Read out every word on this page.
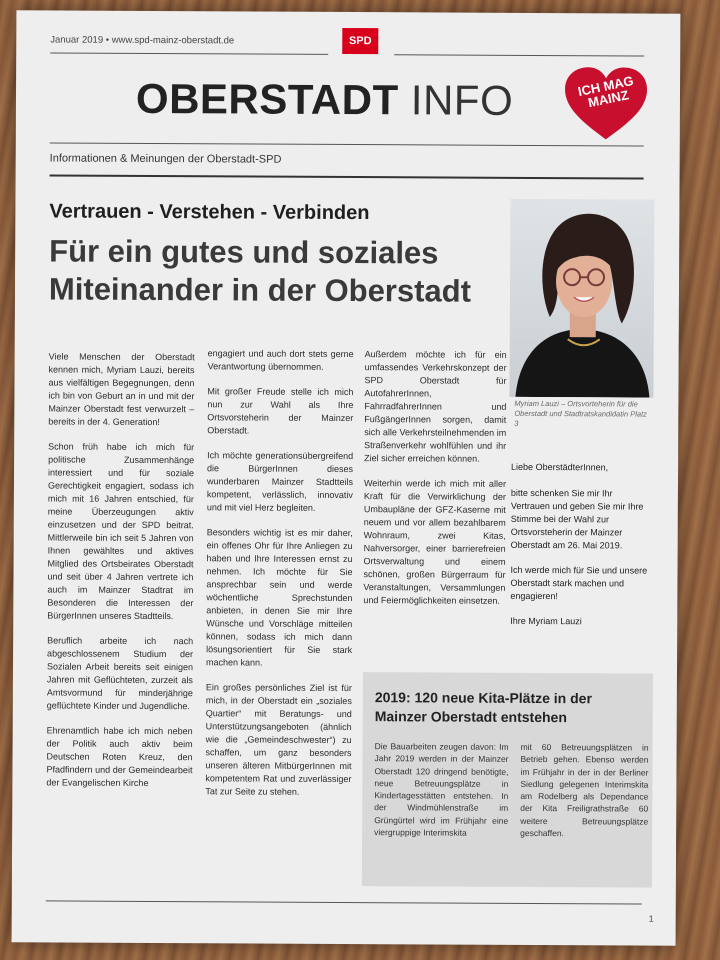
Januar 2019 • www.spd-mainz-oberstadt.de	SPD
OBERSTADT INFO	ICH MAG MAINZ
Informationen & Meinungen der Oberstadt-SPD
Vertrauen - Verstehen - Verbinden
Für ein gutes und soziales Miteinander in der Oberstadt
Myriam Lauzi – Ortsvorteherin für die Oberstadt und Stadtratskandidatin Platz 3

Viele Menschen der Oberstadt kennen mich, Myriam Lauzi, bereits aus vielfältigen Begegnungen, denn ich bin von Geburt an in und mit der Mainzer Oberstadt fest verwurzelt – bereits in der 4. Generation!

Schon früh habe ich mich für politische Zusammenhänge interessiert und für soziale Gerechtigkeit engagiert, sodass ich mich mit 16 Jahren entschied, für meine Überzeugungen aktiv einzusetzen und der SPD beitrat. Mittlerweile bin ich seit 5 Jahren von Ihnen gewähltes und aktives Mitglied des Ortsbeirates Oberstadt und seit über 4 Jahren vertrete ich auch im Mainzer Stadtrat im Besonderen die Interessen der BürgerInnen unseres Stadtteils.

Beruflich arbeite ich nach abgeschlossenem Studium der Sozialen Arbeit bereits seit einigen Jahren mit Geflüchteten, zurzeit als Amtsvormund für minderjährige geflüchtete Kinder und Jugendliche.

Ehrenamtlich habe ich mich neben der Politik auch aktiv beim Deutschen Roten Kreuz, den Pfadfindern und der Gemeindearbeit der Evangelischen Kirche

engagiert und auch dort stets gerne Verantwortung übernommen.

Mit großer Freude stelle ich mich nun zur Wahl als Ihre Ortsvorsteherin der Mainzer Oberstadt.

Ich möchte generationsübergreifend die BürgerInnen dieses wunderbaren Mainzer Stadtteils kompetent, verlässlich, innovativ und mit viel Herz begleiten.

Besonders wichtig ist es mir daher, ein offenes Ohr für Ihre Anliegen zu haben und Ihre Interessen ernst zu nehmen. Ich möchte für Sie ansprechbar sein und werde wöchentliche Sprechstunden anbieten, in denen Sie mir Ihre Wünsche und Vorschläge mitteilen können, sodass ich mich dann lösungsorientiert für Sie stark machen kann.

Ein großes persönliches Ziel ist für mich, in der Oberstadt ein „soziales Quartier“ mit Beratungs- und Unterstützungsangeboten (ähnlich wie die „Gemeindeschwester“) zu schaffen, um ganz besonders unseren älteren MitbürgerInnen mit kompetentem Rat und zuverlässiger Tat zur Seite zu stehen.

Außerdem möchte ich für ein umfassendes Verkehrskonzept der SPD Oberstadt für AutofahrerInnen, FahrradfahrerInnen und FußgängerInnen sorgen, damit sich alle Verkehrsteilnehmenden im Straßenverkehr wohlfühlen und ihr Ziel sicher erreichen können.

Weiterhin werde ich mich mit aller Kraft für die Verwirklichung der Umbaupläne der GFZ-Kaserne mit neuem und vor allem bezahlbarem Wohnraum, zwei Kitas, Nahversorger, einer barrierefreien Ortsverwaltung und einem schönen, großen Bürgerraum für Veranstaltungen, Versammlungen und Feiermöglichkeiten einsetzen.

Liebe OberstädterInnen,

bitte schenken Sie mir Ihr Vertrauen und geben Sie mir Ihre Stimme bei der Wahl zur Ortsvorsteherin der Mainzer Oberstadt am 26. Mai 2019.

Ich werde mich für Sie und unsere Oberstadt stark machen und engagieren!

Ihre Myriam Lauzi

2019: 120 neue Kita-Plätze in der Mainzer Oberstadt entstehen

Die Bauarbeiten zeugen davon: Im Jahr 2019 werden in der Mainzer Oberstadt 120 dringend benötigte, neue Betreuungsplätze in Kindertagesstätten entstehen. In der Windmühlenstraße im Grüngürtel wird im Frühjahr eine viergruppige Interimskita

mit 60 Betreuungsplätzen in Betrieb gehen. Ebenso werden im Frühjahr in der in der Berliner Siedlung gelegenen Interimskita am Rodelberg als Dependance der Kita Freiligrathstraße 60 weitere Betreuungsplätze geschaffen.

1
